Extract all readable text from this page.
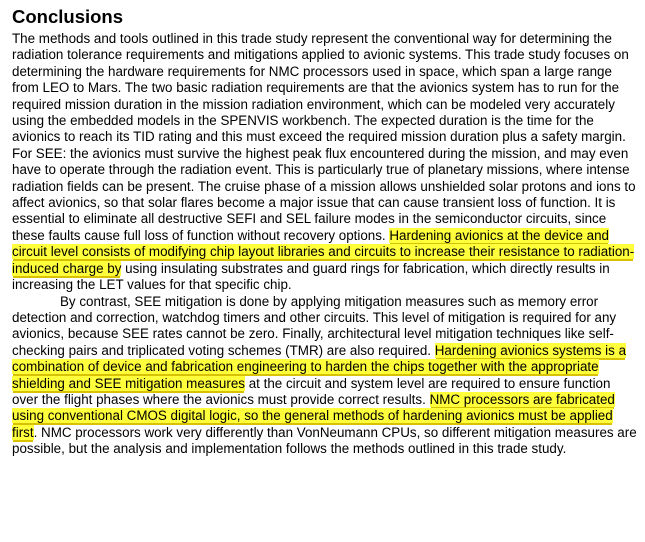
Conclusions

The methods and tools outlined in this trade study represent the conventional way for determining the radiation tolerance requirements and mitigations applied to avionic systems. This trade study focuses on determining the hardware requirements for NMC processors used in space, which span a large range from LEO to Mars. The two basic radiation requirements are that the avionics system has to run for the required mission duration in the mission radiation environment, which can be modeled very accurately using the embedded models in the SPENVIS workbench. The expected duration is the time for the avionics to reach its TID rating and this must exceed the required mission duration plus a safety margin. For SEE: the avionics must survive the highest peak flux encountered during the mission, and may even have to operate through the radiation event. This is particularly true of planetary missions, where intense radiation fields can be present. The cruise phase of a mission allows unshielded solar protons and ions to affect avionics, so that solar flares become a major issue that can cause transient loss of function. It is essential to eliminate all destructive SEFI and SEL failure modes in the semiconductor circuits, since these faults cause full loss of function without recovery options. Hardening avionics at the device and circuit level consists of modifying chip layout libraries and circuits to increase their resistance to radiation-induced charge by using insulating substrates and guard rings for fabrication, which directly results in increasing the LET values for that specific chip.

By contrast, SEE mitigation is done by applying mitigation measures such as memory error detection and correction, watchdog timers and other circuits. This level of mitigation is required for any avionics, because SEE rates cannot be zero. Finally, architectural level mitigation techniques like self-checking pairs and triplicated voting schemes (TMR) are also required. Hardening avionics systems is a combination of device and fabrication engineering to harden the chips together with the appropriate shielding and SEE mitigation measures at the circuit and system level are required to ensure function over the flight phases where the avionics must provide correct results. NMC processors are fabricated using conventional CMOS digital logic, so the general methods of hardening avionics must be applied first. NMC processors work very differently than VonNeumann CPUs, so different mitigation measures are possible, but the analysis and implementation follows the methods outlined in this trade study.
